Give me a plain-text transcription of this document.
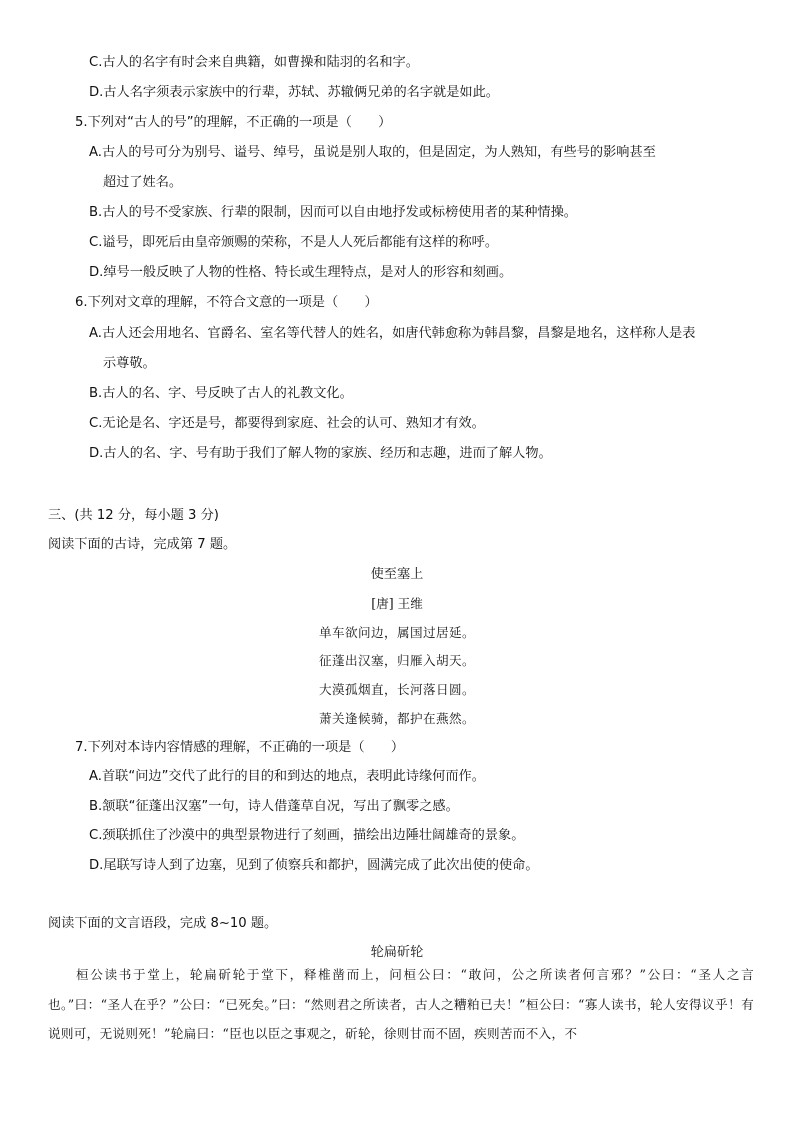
C.古人的名字有时会来自典籍，如曹操和陆羽的名和字。
D.古人名字须表示家族中的行辈，苏轼、苏辙俩兄弟的名字就是如此。
5.下列对“古人的号”的理解，不正确的一项是（　　）
A.古人的号可分为别号、谥号、绰号，虽说是别人取的，但是固定，为人熟知，有些号的影响甚至
超过了姓名。
B.古人的号不受家族、行辈的限制，因而可以自由地抒发或标榜使用者的某种情操。
C.谥号，即死后由皇帝颁赐的荣称，不是人人死后都能有这样的称呼。
D.绰号一般反映了人物的性格、特长或生理特点，是对人的形容和刻画。
6.下列对文章的理解，不符合文意的一项是（　　）
A.古人还会用地名、官爵名、室名等代替人的姓名，如唐代韩愈称为韩昌黎，昌黎是地名，这样称人是表
示尊敬。
B.古人的名、字、号反映了古人的礼教文化。
C.无论是名、字还是号，都要得到家庭、社会的认可、熟知才有效。
D.古人的名、字、号有助于我们了解人物的家族、经历和志趣，进而了解人物。
三、(共 12 分，每小题 3 分)
阅读下面的古诗，完成第 7 题。
使至塞上
[唐] 王维
单车欲问边，属国过居延。
征蓬出汉塞，归雁入胡天。
大漠孤烟直，长河落日圆。
萧关逢候骑，都护在燕然。
7.下列对本诗内容情感的理解，不正确的一项是（　　）
A.首联“问边”交代了此行的目的和到达的地点，表明此诗缘何而作。
B.颔联“征蓬出汉塞”一句，诗人借蓬草自况，写出了飘零之感。
C.颈联抓住了沙漠中的典型景物进行了刻画，描绘出边陲壮阔雄奇的景象。
D.尾联写诗人到了边塞，见到了侦察兵和都护，圆满完成了此次出使的使命。
阅读下面的文言语段，完成 8~10 题。
轮扁斫轮
桓公读书于堂上，轮扁斫轮于堂下，释椎凿而上，问桓公曰：“敢问，公之所读者何言邪？”公曰：“圣人之言也。”曰：“圣人在乎？”公曰：“已死矣。”曰：“然则君之所读者，古人之糟粕已夫！”桓公曰：“寡人读书，轮人安得议乎！有说则可，无说则死！”轮扁曰：“臣也以臣之事观之，斫轮，徐则甘而不固，疾则苦而不入，不
